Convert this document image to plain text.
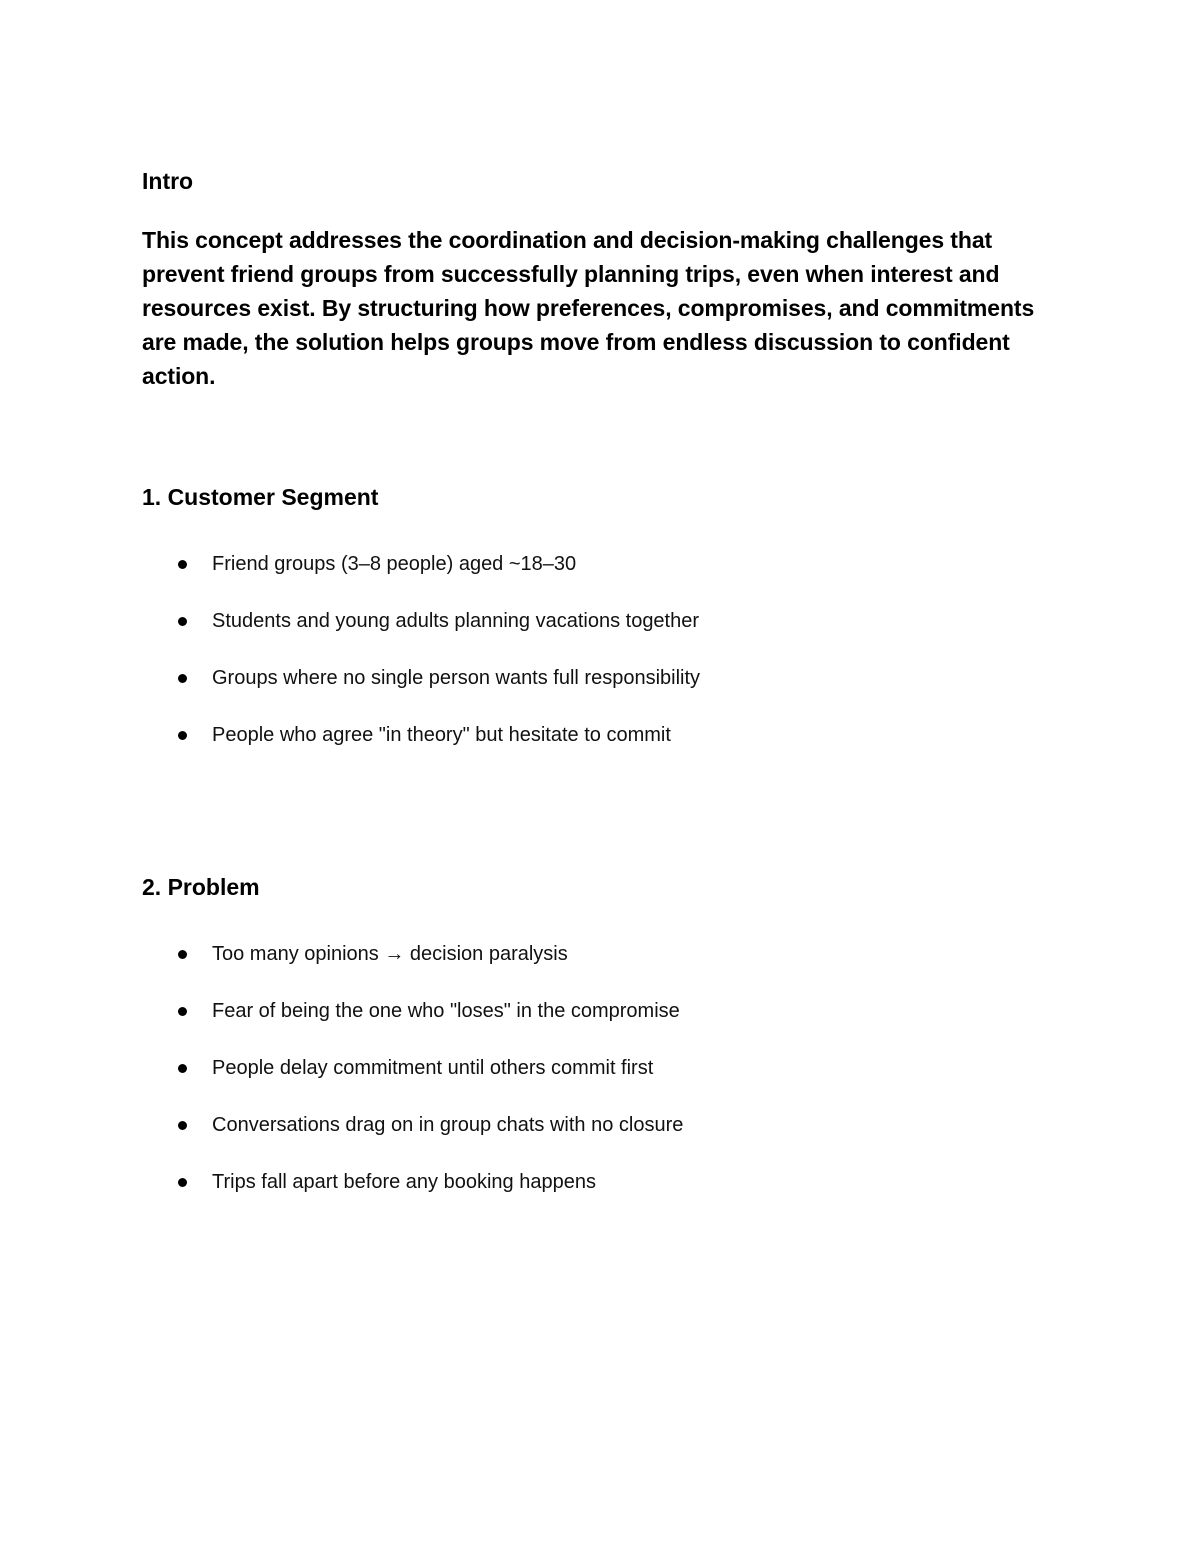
Intro

This concept addresses the coordination and decision-making challenges that prevent friend groups from successfully planning trips, even when interest and resources exist. By structuring how preferences, compromises, and commitments are made, the solution helps groups move from endless discussion to confident action.

1. Customer Segment
Friend groups (3–8 people) aged ~18–30
Students and young adults planning vacations together
Groups where no single person wants full responsibility
People who agree "in theory" but hesitate to commit
2. Problem
Too many opinions → decision paralysis
Fear of being the one who "loses" in the compromise
People delay commitment until others commit first
Conversations drag on in group chats with no closure
Trips fall apart before any booking happens
